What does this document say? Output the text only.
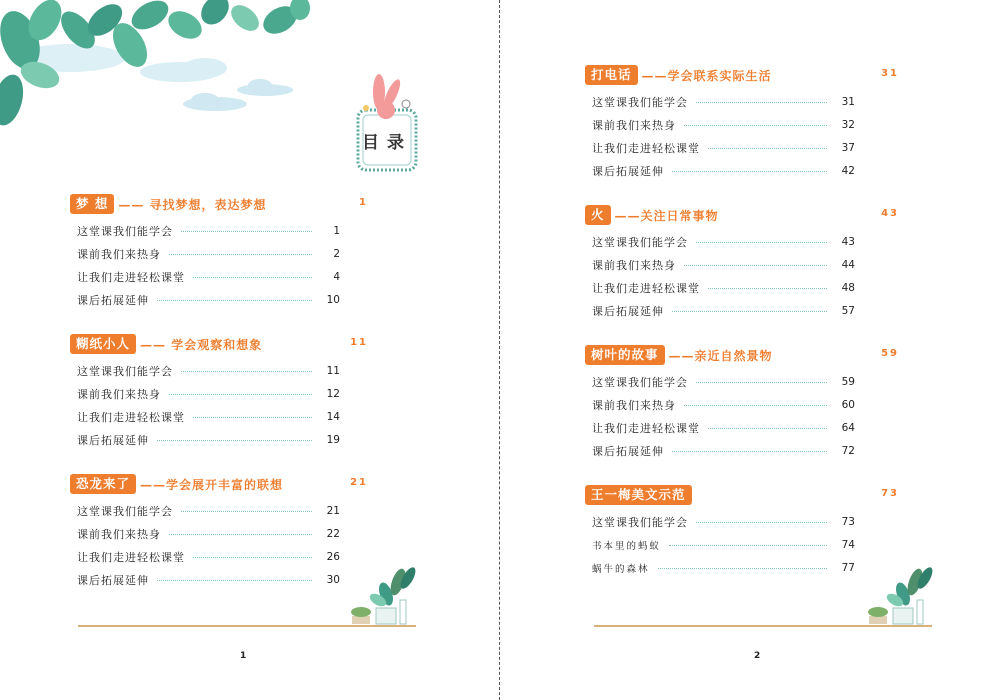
目录
梦 想 —— 寻找梦想，表达梦想	1
这堂课我们能学会	1
课前我们来热身	2
让我们走进轻松课堂	4
课后拓展延伸	10
糊纸小人 —— 学会观察和想象	11
这堂课我们能学会	11
课前我们来热身	12
让我们走进轻松课堂	14
课后拓展延伸	19
恐龙来了 ——学会展开丰富的联想	21
这堂课我们能学会	21
课前我们来热身	22
让我们走进轻松课堂	26
课后拓展延伸	30
1
打电话 ——学会联系实际生活	31
这堂课我们能学会	31
课前我们来热身	32
让我们走进轻松课堂	37
课后拓展延伸	42
火 ——关注日常事物	43
这堂课我们能学会	43
课前我们来热身	44
让我们走进轻松课堂	48
课后拓展延伸	57
树叶的故事 ——亲近自然景物	59
这堂课我们能学会	59
课前我们来热身	60
让我们走进轻松课堂	64
课后拓展延伸	72
王一梅美文示范	73
这堂课我们能学会	73
书本里的蚂蚁	74
蜗牛的森林	77
2
